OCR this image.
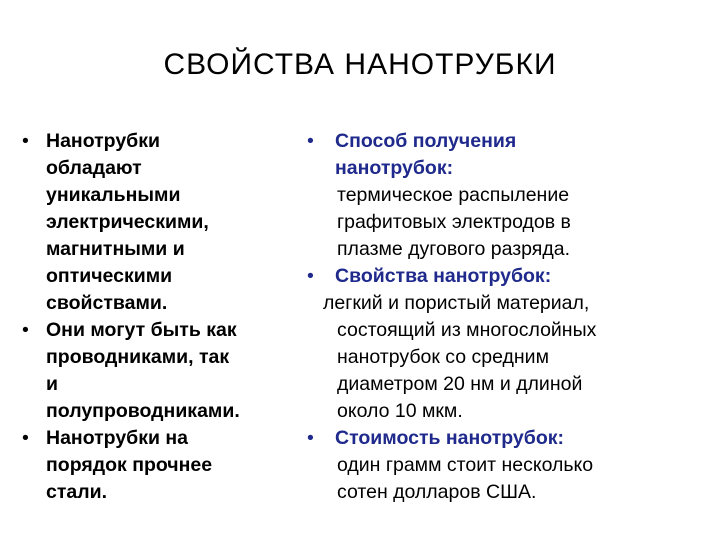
СВОЙСТВА НАНОТРУБКИ
• Нанотрубки
обладают
уникальными
электрическими,
магнитными и
оптическими
свойствами.
• Они могут быть как
проводниками, так
и
полупроводниками.
• Нанотрубки на
порядок прочнее
стали.
• Способ получения
нанотрубок:
термическое распыление
графитовых электродов в
плазме дугового разряда.
• Свойства нанотрубок:
легкий и пористый материал,
состоящий из многослойных
нанотрубок со средним
диаметром 20 нм и длиной
около 10 мкм.
• Стоимость нанотрубок:
один грамм стоит несколько
сотен долларов США.
